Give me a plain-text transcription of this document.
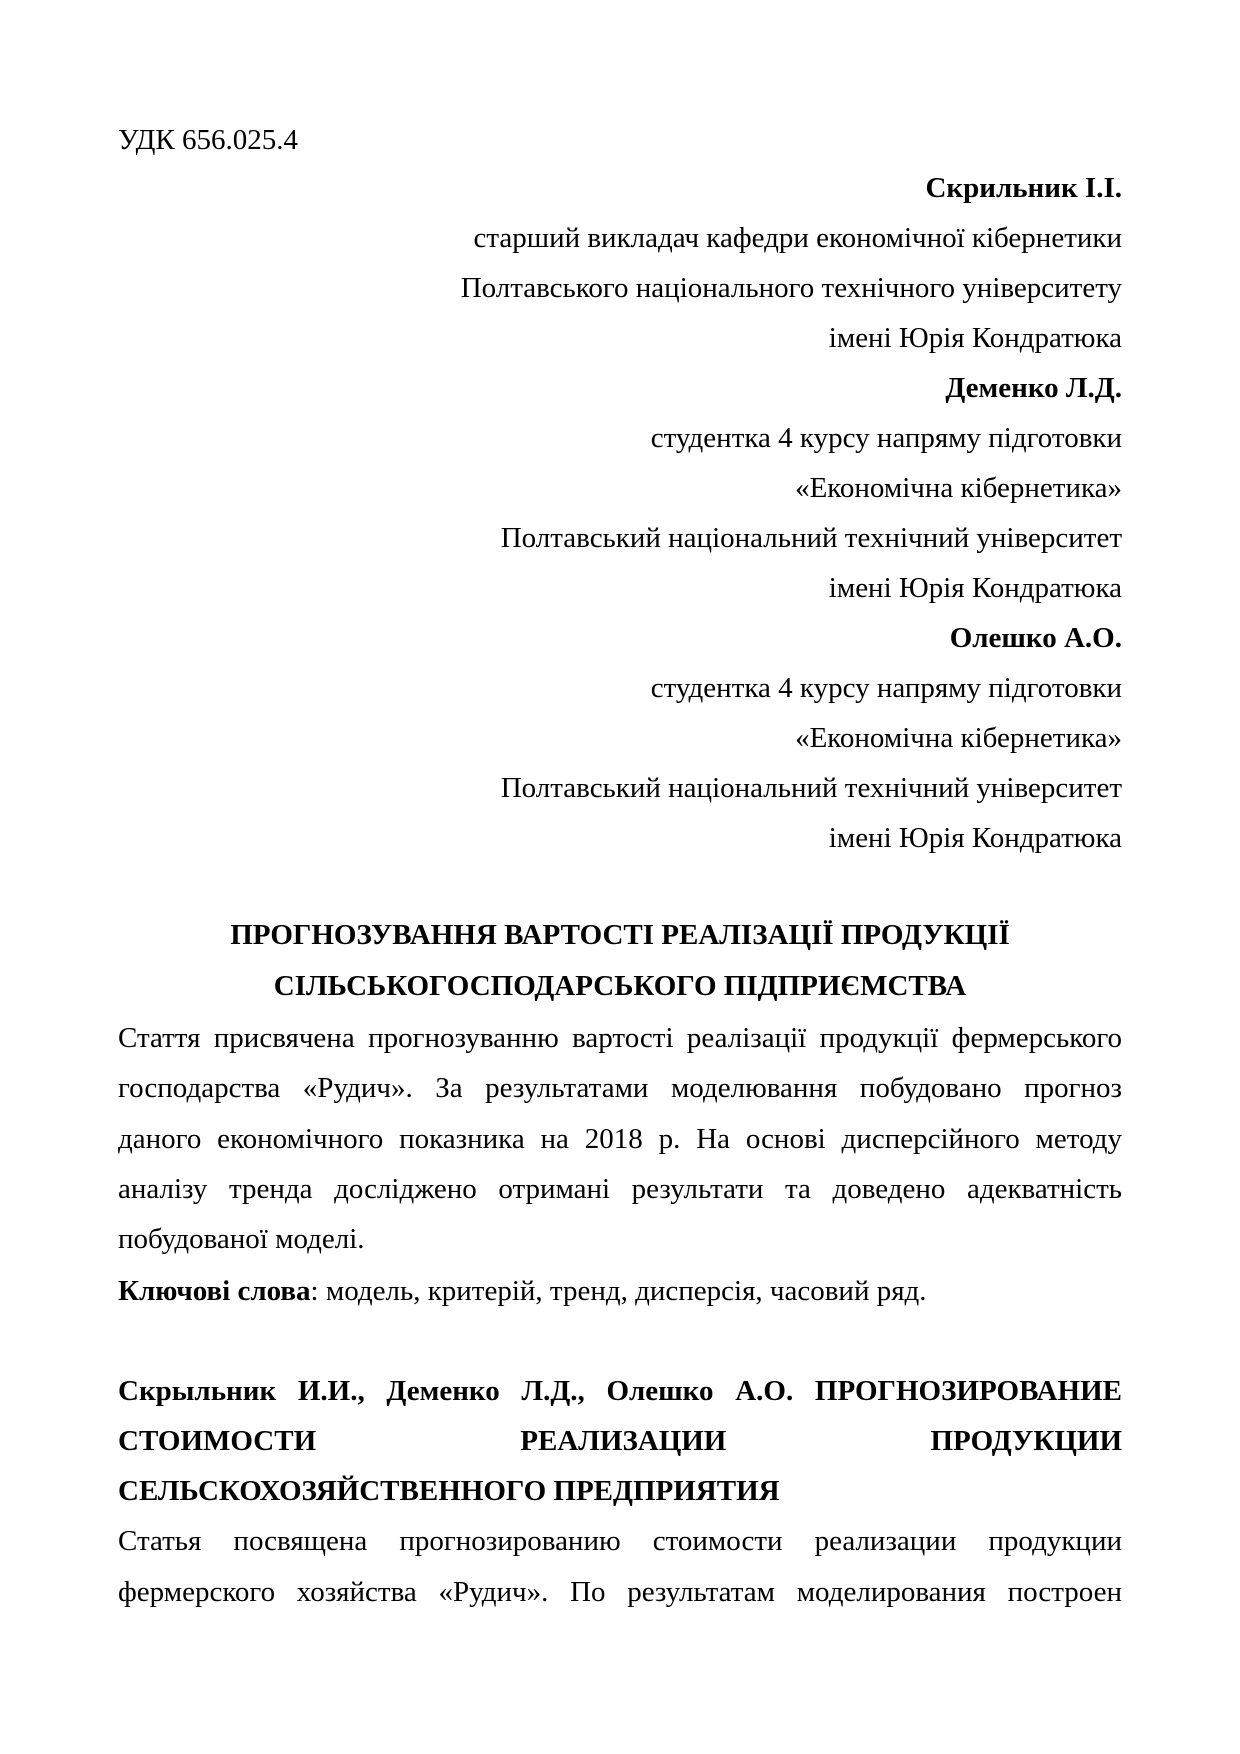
УДК 656.025.4
Скрильник І.І.
старший викладач кафедри економічної кібернетики
Полтавського національного технічного університету
імені Юрія Кондратюка
Деменко Л.Д.
студентка 4 курсу напряму підготовки
«Економічна кібернетика»
Полтавський національний технічний університет
імені Юрія Кондратюка
Олешко А.О.
студентка 4 курсу напряму підготовки
«Економічна кібернетика»
Полтавський національний технічний університет
імені Юрія Кондратюка
ПРОГНОЗУВАННЯ ВАРТОСТІ РЕАЛІЗАЦІЇ ПРОДУКЦІЇ
СІЛЬСЬКОГОСПОДАРСЬКОГО ПІДПРИЄМСТВА
Стаття присвячена прогнозуванню вартості реалізації продукції фермерського
господарства «Рудич». За результатами моделювання побудовано прогноз
даного економічного показника на 2018 р. На основі дисперсійного методу
аналізу тренда досліджено отримані результати та доведено адекватність
побудованої моделі.
Ключові слова: модель, критерій, тренд, дисперсія, часовий ряд.
Скрыльник И.И., Деменко Л.Д., Олешко А.О. ПРОГНОЗИРОВАНИЕ
СТОИМОСТИ РЕАЛИЗАЦИИ ПРОДУКЦИИ
СЕЛЬСКОХОЗЯЙСТВЕННОГО ПРЕДПРИЯТИЯ
Статья посвящена прогнозированию стоимости реализации продукции
фермерского хозяйства «Рудич». По результатам моделирования построен
